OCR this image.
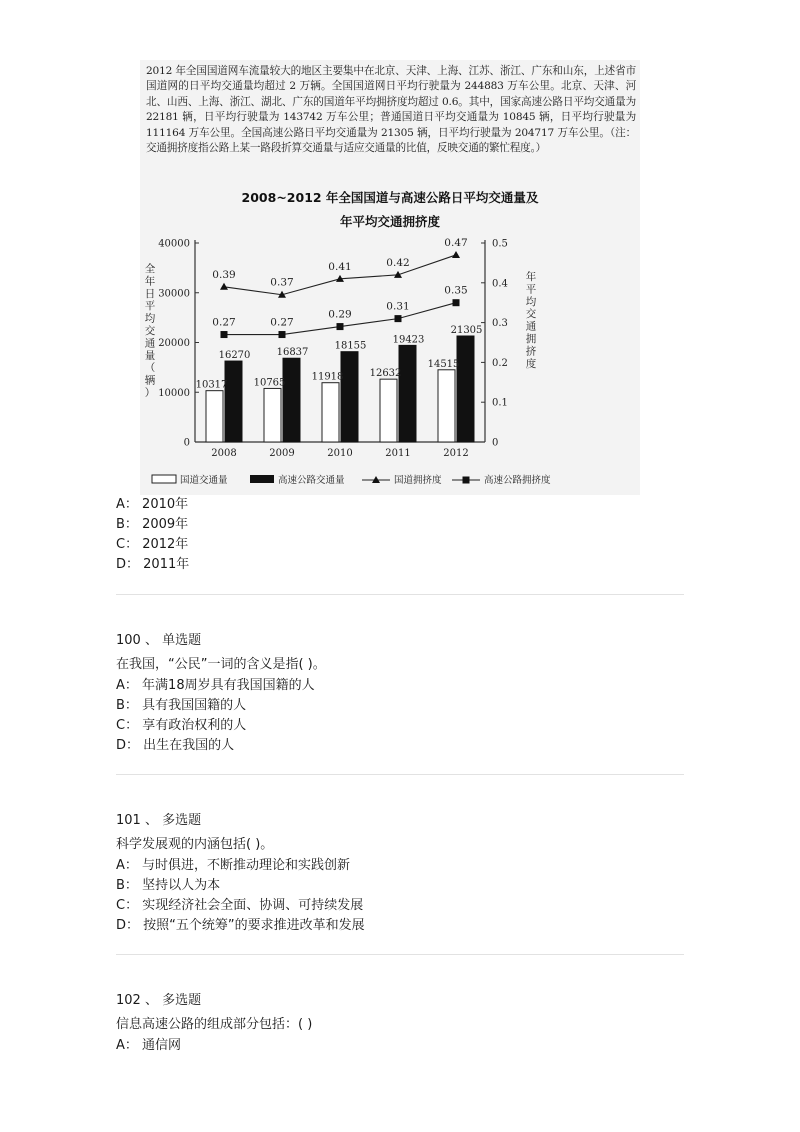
2012 年全国国道网车流量较大的地区主要集中在北京、天津、上海、江苏、浙江、广东和山东，上述省市国道网的日平均交通量均超过 2 万辆。全国国道网日平均行驶量为 244883 万车公里。北京、天津、河北、山西、上海、浙江、湖北、广东的国道年平均拥挤度均超过 0.6。其中，国家高速公路日平均交通量为 22181 辆，日平均行驶量为 143742 万车公里；普通国道日平均交通量为 10845 辆，日平均行驶量为 111164 万车公里。全国高速公路日平均交通量为 21305 辆，日平均行驶量为 204717 万车公里。（注：交通拥挤度指公路上某一路段折算交通量与适应交通量的比值，反映交通的繁忙程度。）
2008~2012 年全国国道与高速公路日平均交通量及
年平均交通拥挤度
0
10000
20000
30000
40000
0
0.1
0.2
0.3
0.4
0.5
全年日平均交通量（辆）
年平均交通拥挤度
10317
16270
2008
10765
16837
2009
11918
18155
2010
12632
19423
2011
14515
21305
2012
0.39
0.37
0.41	0.42
0.47
0.27	0.27
0.29
0.31
0.35
国道交通量	高速公路交通量	国道拥挤度	高速公路拥挤度
A： 2010年
B： 2009年
C： 2012年
D： 2011年
100 、 单选题
在我国，“公民”一词的含义是指( )。
A： 年满18周岁具有我国国籍的人
B： 具有我国国籍的人
C： 享有政治权利的人
D： 出生在我国的人
101 、 多选题
科学发展观的内涵包括( )。
A： 与时俱进，不断推动理论和实践创新
B： 坚持以人为本
C： 实现经济社会全面、协调、可持续发展
D： 按照“五个统筹”的要求推进改革和发展
102 、 多选题
信息高速公路的组成部分包括：( )
A： 通信网
